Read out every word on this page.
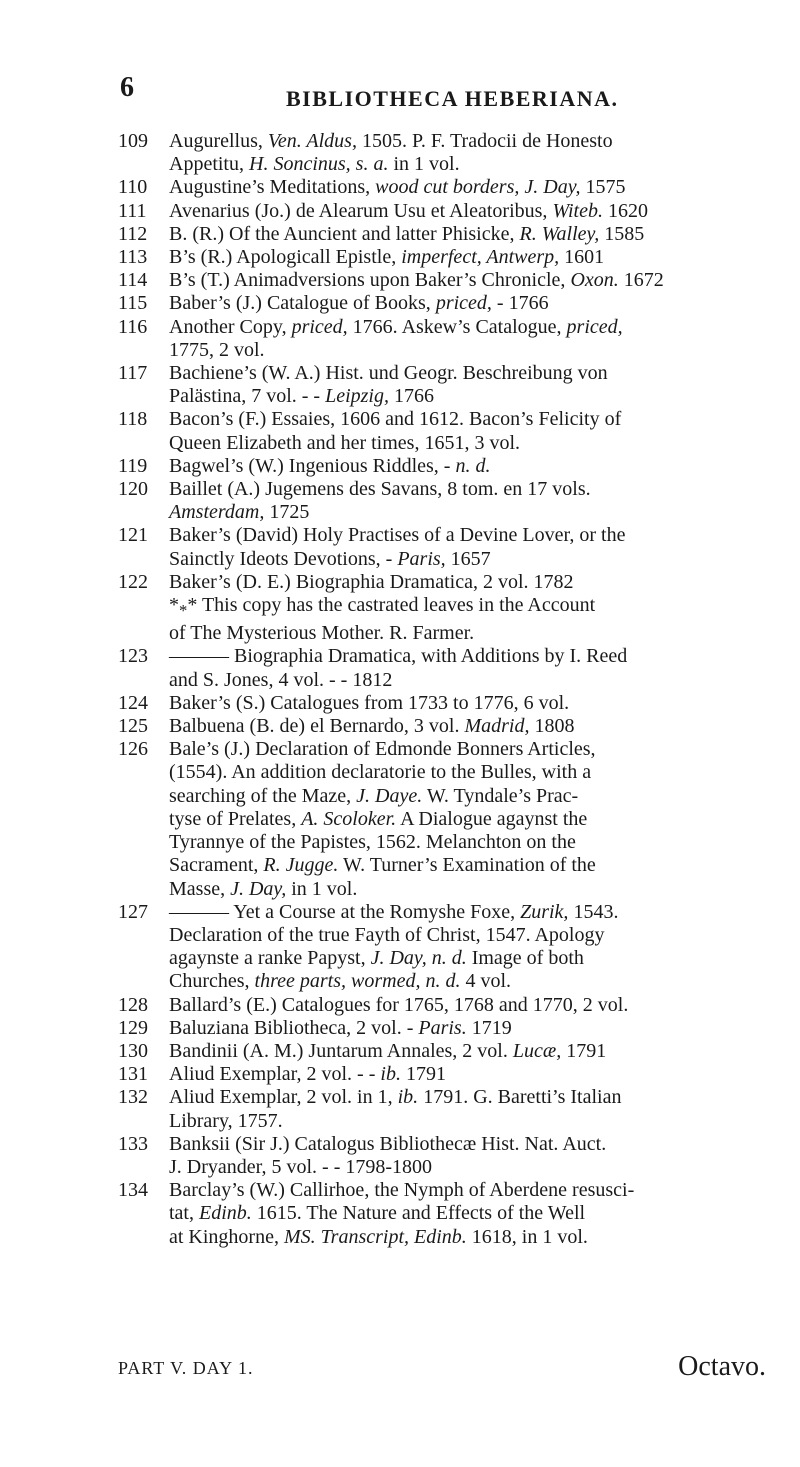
6	BIBLIOTHECA HEBERIANA.
109 Augurellus, Ven. Aldus, 1505. P. F. Tradocii de Honesto
Appetitu, H. Soncinus, s. a. in 1 vol.
110 Augustine’s Meditations, wood cut borders, J. Day, 1575
111 Avenarius (Jo.) de Alearum Usu et Aleatoribus, Witeb. 1620
112 B. (R.) Of the Auncient and latter Phisicke, R. Walley, 1585
113 B’s (R.) Apologicall Epistle, imperfect, Antwerp, 1601
114 B’s (T.) Animadversions upon Baker’s Chronicle, Oxon. 1672
115 Baber’s (J.) Catalogue of Books, priced, - 1766
116 Another Copy, priced, 1766. Askew’s Catalogue, priced,
1775, 2 vol.
117 Bachiene’s (W. A.) Hist. und Geogr. Beschreibung von
Palästina, 7 vol. - - Leipzig, 1766
118 Bacon’s (F.) Essaies, 1606 and 1612. Bacon’s Felicity of
Queen Elizabeth and her times, 1651, 3 vol.
119 Bagwel’s (W.) Ingenious Riddles, - n. d.
120 Baillet (A.) Jugemens des Savans, 8 tom. en 17 vols.
Amsterdam, 1725
121 Baker’s (David) Holy Practises of a Devine Lover, or the
Sainctly Ideots Devotions, - Paris, 1657
122 Baker’s (D. E.) Biographia Dramatica, 2 vol. 1782
$*_**$ This copy has the castrated leaves in the Account
of The Mysterious Mother. R. Farmer.
123 ——— Biographia Dramatica, with Additions by I. Reed
and S. Jones, 4 vol. - - 1812
124 Baker’s (S.) Catalogues from 1733 to 1776, 6 vol.
125 Balbuena (B. de) el Bernardo, 3 vol. Madrid, 1808
126 Bale’s (J.) Declaration of Edmonde Bonners Articles,
(1554). An addition declaratorie to the Bulles, with a
searching of the Maze, J. Daye. W. Tyndale’s Prac-
tyse of Prelates, A. Scoloker. A Dialogue agaynst the
Tyrannye of the Papistes, 1562. Melanchton on the
Sacrament, R. Jugge. W. Turner’s Examination of the
Masse, J. Day, in 1 vol.
127 ——— Yet a Course at the Romyshe Foxe, Zurik, 1543.
Declaration of the true Fayth of Christ, 1547. Apology
agaynste a ranke Papyst, J. Day, n. d. Image of both
Churches, three parts, wormed, n. d. 4 vol.
128 Ballard’s (E.) Catalogues for 1765, 1768 and 1770, 2 vol.
129 Baluziana Bibliotheca, 2 vol. - Paris. 1719
130 Bandinii (A. M.) Juntarum Annales, 2 vol. Lucæ, 1791
131 Aliud Exemplar, 2 vol. - - ib. 1791
132 Aliud Exemplar, 2 vol. in 1, ib. 1791. G. Baretti’s Italian
Library, 1757.
133 Banksii (Sir J.) Catalogus Bibliothecæ Hist. Nat. Auct.
J. Dryander, 5 vol. - - 1798-1800
134 Barclay’s (W.) Callirhoe, the Nymph of Aberdene resusci-
tat, Edinb. 1615. The Nature and Effects of the Well
at Kinghorne, MS. Transcript, Edinb. 1618, in 1 vol.
PART V. DAY 1.	Octavo.
